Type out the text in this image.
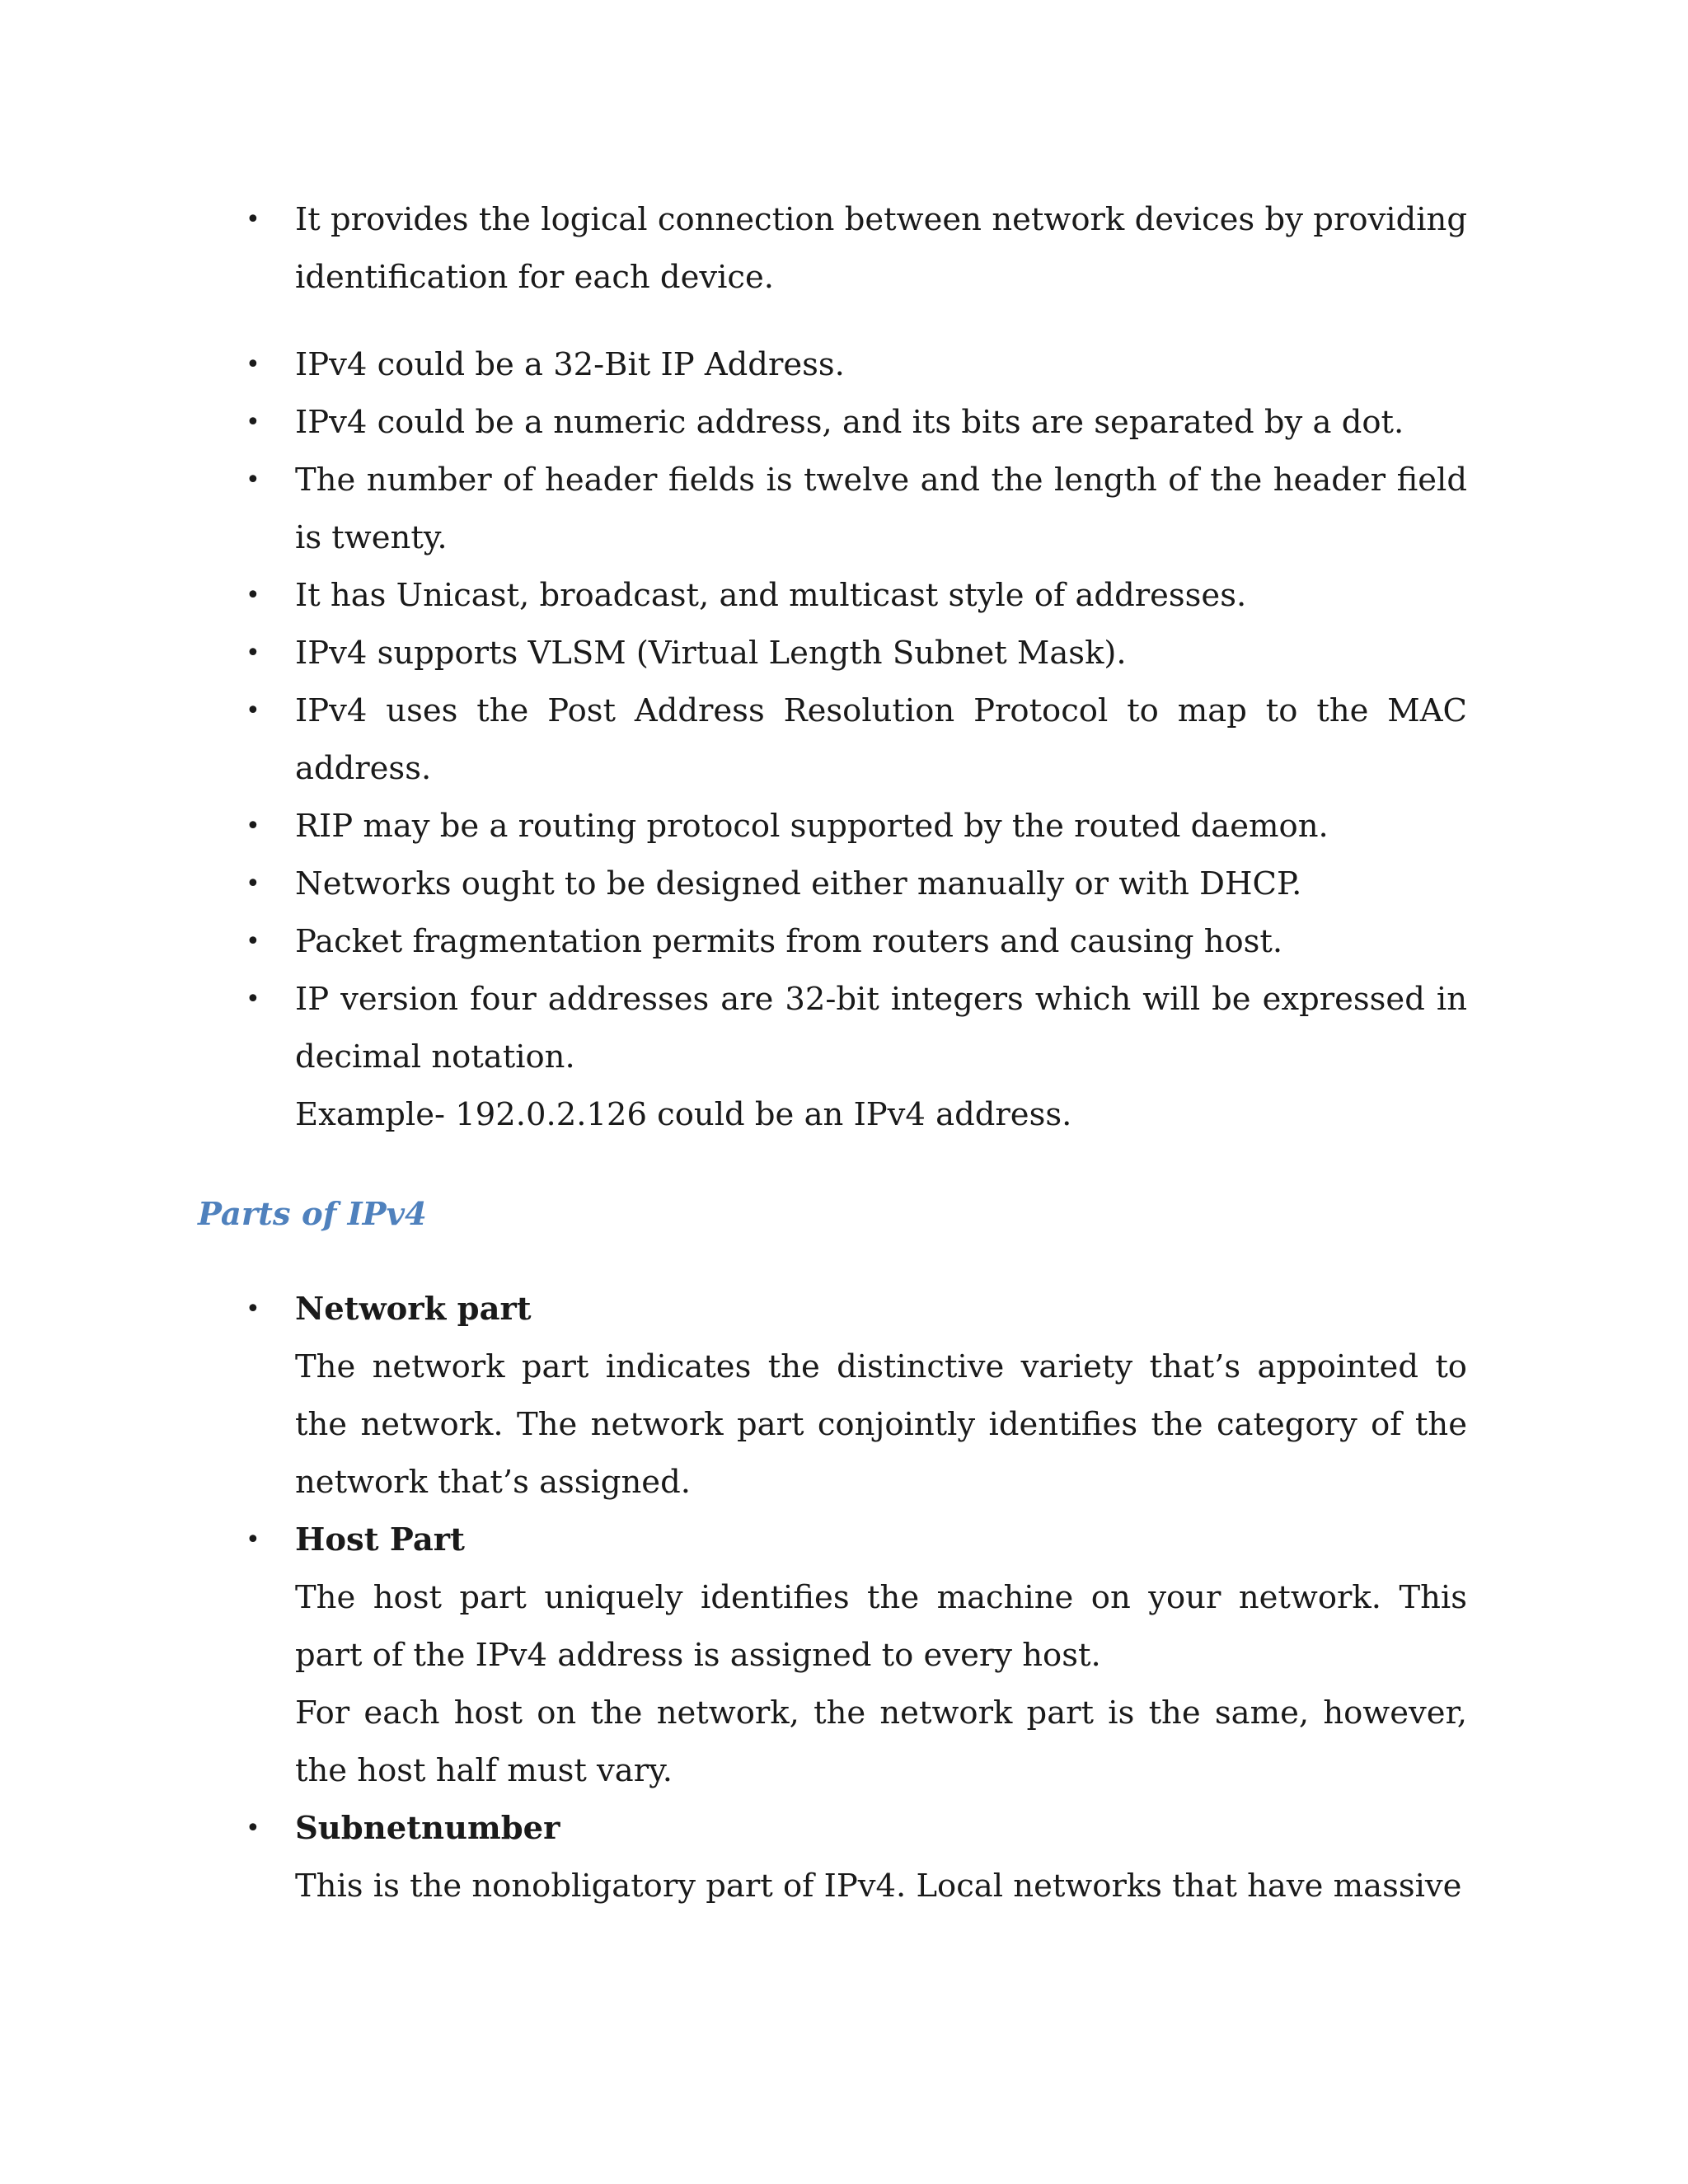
•	It provides the logical connection between network devices by providing identification for each device.
•	IPv4 could be a 32-Bit IP Address.
•	IPv4 could be a numeric address, and its bits are separated by a dot.
•	The number of header fields is twelve and the length of the header field is twenty.
•	It has Unicast, broadcast, and multicast style of addresses.
•	IPv4 supports VLSM (Virtual Length Subnet Mask).
•	IPv4 uses the Post Address Resolution Protocol to map to the MAC address.
•	RIP may be a routing protocol supported by the routed daemon.
•	Networks ought to be designed either manually or with DHCP.
•	Packet fragmentation permits from routers and causing host.
•	IP version four addresses are 32-bit integers which will be expressed in decimal notation.
Example- 192.0.2.126 could be an IPv4 address.
Parts of IPv4
•	Network part
The network part indicates the distinctive variety that’s appointed to the network. The network part conjointly identifies the category of the network that’s assigned.
•	Host Part
The host part uniquely identifies the machine on your network. This part of the IPv4 address is assigned to every host.
For each host on the network, the network part is the same, however, the host half must vary.
•	Subnetnumber
This is the nonobligatory part of IPv4. Local networks that have massive
